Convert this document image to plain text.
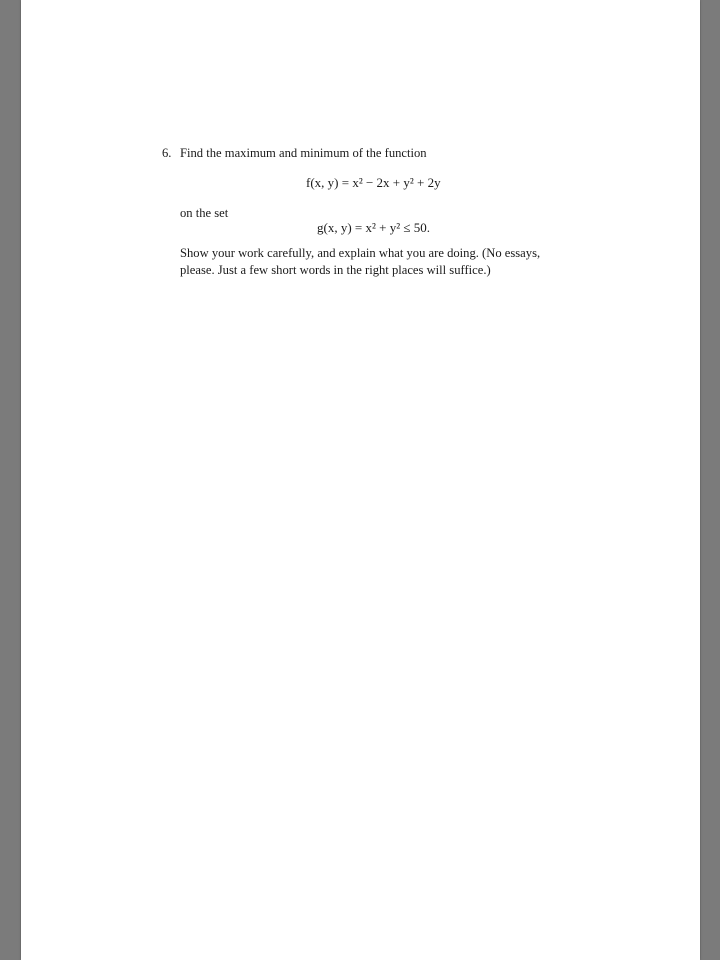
6. Find the maximum and minimum of the function
f(x, y) = x² − 2x + y² + 2y
on the set
g(x, y) = x² + y² ≤ 50.
Show your work carefully, and explain what you are doing. (No essays,
please. Just a few short words in the right places will suffice.)
